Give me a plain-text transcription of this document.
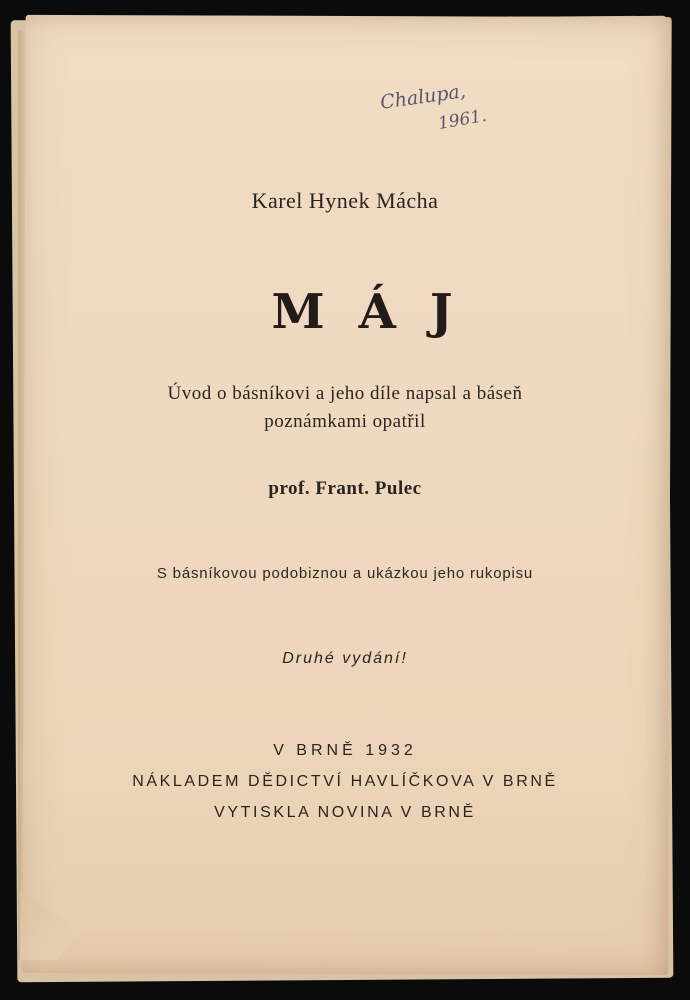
Chalupa,
1961.
Karel Hynek Mácha
MÁJ
Úvod o básníkovi a jeho díle napsal a báseň
poznámkami opatřil
prof. Frant. Pulec
S básníkovou podobiznou a ukázkou jeho rukopisu
Druhé vydání!
V BRNĚ 1932
NÁKLADEM DĚDICTVÍ HAVLÍČKOVA V BRNĚ
VYTISKLA NOVINA V BRNĚ
